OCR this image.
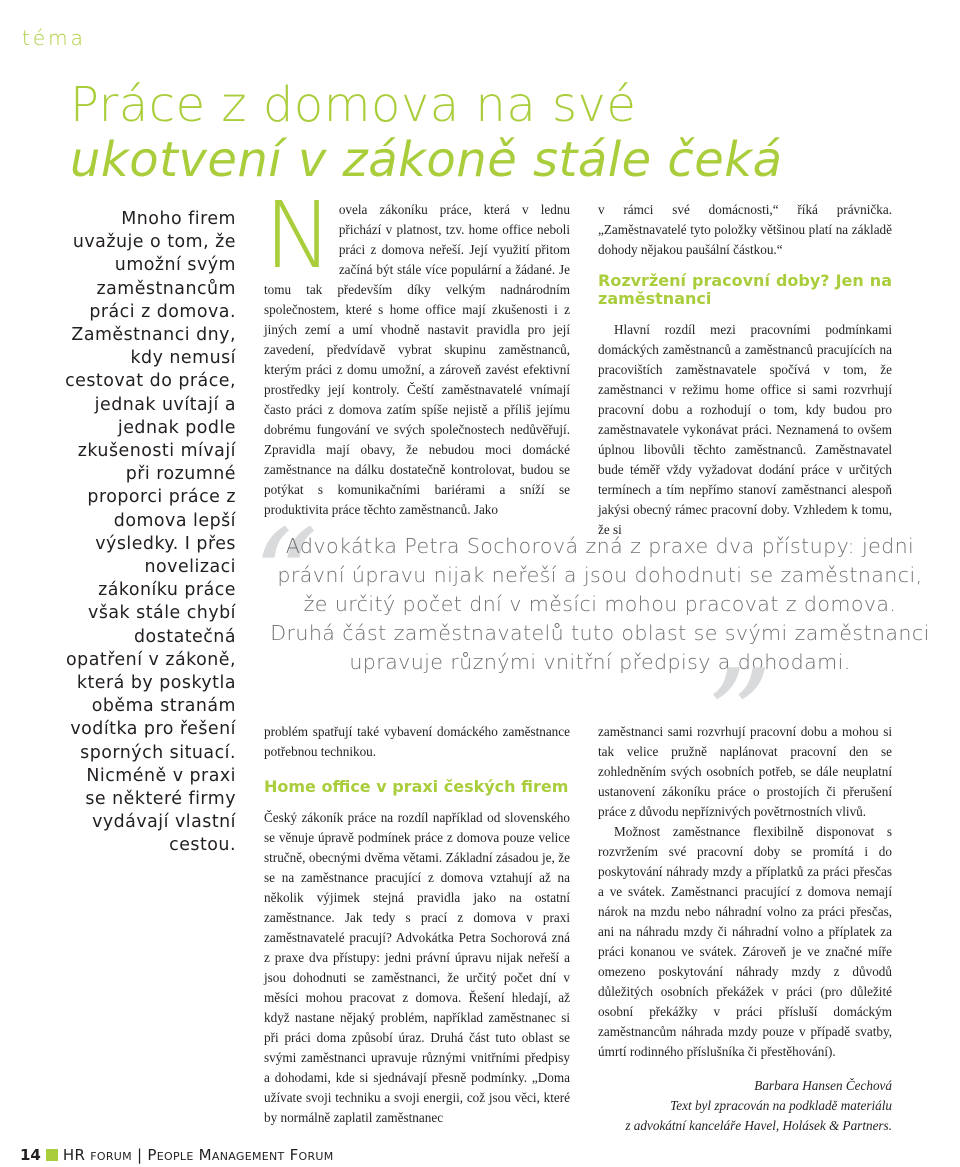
téma
Práce z domova na své
ukotvení v zákoně stále čeká
Mnoho firem uvažuje o tom, že umožní svým zaměstnancům práci z domova. Zaměstnanci dny, kdy nemusí cestovat do práce, jednak uvítají a jednak podle zkušenosti mívají při rozumné proporci práce z domova lepší výsledky. I přes novelizaci zákoníku práce však stále chybí dostatečná opatření v zákoně, která by poskytla oběma stranám vodítka pro řešení sporných situací. Nicméně v praxi se některé firmy vydávají vlastní cestou.

Novela zákoníku práce, která v lednu přichází v platnost, tzv. home office neboli práci z domova neřeší. Její využití přitom začíná být stále více populární a žádané. Je tomu tak především díky velkým nadnárodním společnostem, které s home office mají zkušenosti i z jiných zemí a umí vhodně nastavit pravidla pro její zavedení, předvídavě vybrat skupinu zaměstnanců, kterým práci z domu umožní, a zároveň zavést efektivní prostředky její kontroly. Čeští zaměstnavatelé vnímají často práci z domova zatím spíše nejistě a příliš jejímu dobrému fungování ve svých společnostech nedůvěřují. Zpravidla mají obavy, že nebudou moci domácké zaměstnance na dálku dostatečně kontrolovat, budou se potýkat s komunikačními bariérami a sníží se produktivita práce těchto zaměstnanců. Jako

v rámci své domácnosti,“ říká právnička. „Zaměstnavatelé tyto položky většinou platí na základě dohody nějakou paušální částkou.“

Rozvržení pracovní doby? Jen na zaměstnanci

Hlavní rozdíl mezi pracovními podmínkami domáckých zaměstnanců a zaměstnanců pracujících na pracovištích zaměstnavatele spočívá v tom, že zaměstnanci v režimu home office si sami rozvrhují pracovní dobu a rozhodují o tom, kdy budou pro zaměstnavatele vykonávat práci. Neznamená to ovšem úplnou libovůli těchto zaměstnanců. Zaměstnavatel bude téměř vždy vyžadovat dodání práce v určitých termínech a tím nepřímo stanoví zaměstnanci alespoň jakýsi obecný rámec pracovní doby. Vzhledem k tomu, že si

“
Advokátka Petra Sochorová zná z praxe dva přístupy: jedni právní úpravu nijak neřeší a jsou dohodnuti se zaměstnanci, že určitý počet dní v měsíci mohou pracovat z domova. Druhá část zaměstnavatelů tuto oblast se svými zaměstnanci upravuje různými vnitřní předpisy a dohodami.
”

problém spatřují také vybavení domáckého zaměstnance potřebnou technikou.

Home office v praxi českých firem

Český zákoník práce na rozdíl například od slovenského se věnuje úpravě podmínek práce z domova pouze velice stručně, obecnými dvěma větami. Základní zásadou je, že se na zaměstnance pracující z domova vztahují až na několik výjimek stejná pravidla jako na ostatní zaměstnance. Jak tedy s prací z domova v praxi zaměstnavatelé pracují? Advokátka Petra Sochorová zná z praxe dva přístupy: jedni právní úpravu nijak neřeší a jsou dohodnuti se zaměstnanci, že určitý počet dní v měsíci mohou pracovat z domova. Řešení hledají, až když nastane nějaký problém, například zaměstnanec si při práci doma způsobí úraz. Druhá část tuto oblast se svými zaměstnanci upravuje různými vnitřními předpisy a dohodami, kde si sjednávají přesně podmínky. „Doma užívate svoji techniku a svoji energii, což jsou věci, které by normálně zaplatil zaměstnanec

zaměstnanci sami rozvrhují pracovní dobu a mohou si tak velice pružně naplánovat pracovní den se zohledněním svých osobních potřeb, se dále neuplatní ustanovení zákoníku práce o prostojích či přerušení práce z důvodu nepříznivých povětrnostních vlivů.

Možnost zaměstnance flexibilně disponovat s rozvržením své pracovní doby se promítá i do poskytování náhrady mzdy a příplatků za práci přesčas a ve svátek. Zaměstnanci pracující z domova nemají nárok na mzdu nebo náhradní volno za práci přesčas, ani na náhradu mzdy či náhradní volno a příplatek za práci konanou ve svátek. Zároveň je ve značné míře omezeno poskytování náhrady mzdy z důvodů důležitých osobních překážek v práci (pro důležité osobní překážky v práci přísluší domáckým zaměstnancům náhrada mzdy pouze v případě svatby, úmrtí rodinného příslušníka či přestěhování).

Barbara Hansen Čechová
Text byl zpracován na podkladě materiálu
z advokátní kanceláře Havel, Holásek & Partners.
14 HR forum | People Management Forum
